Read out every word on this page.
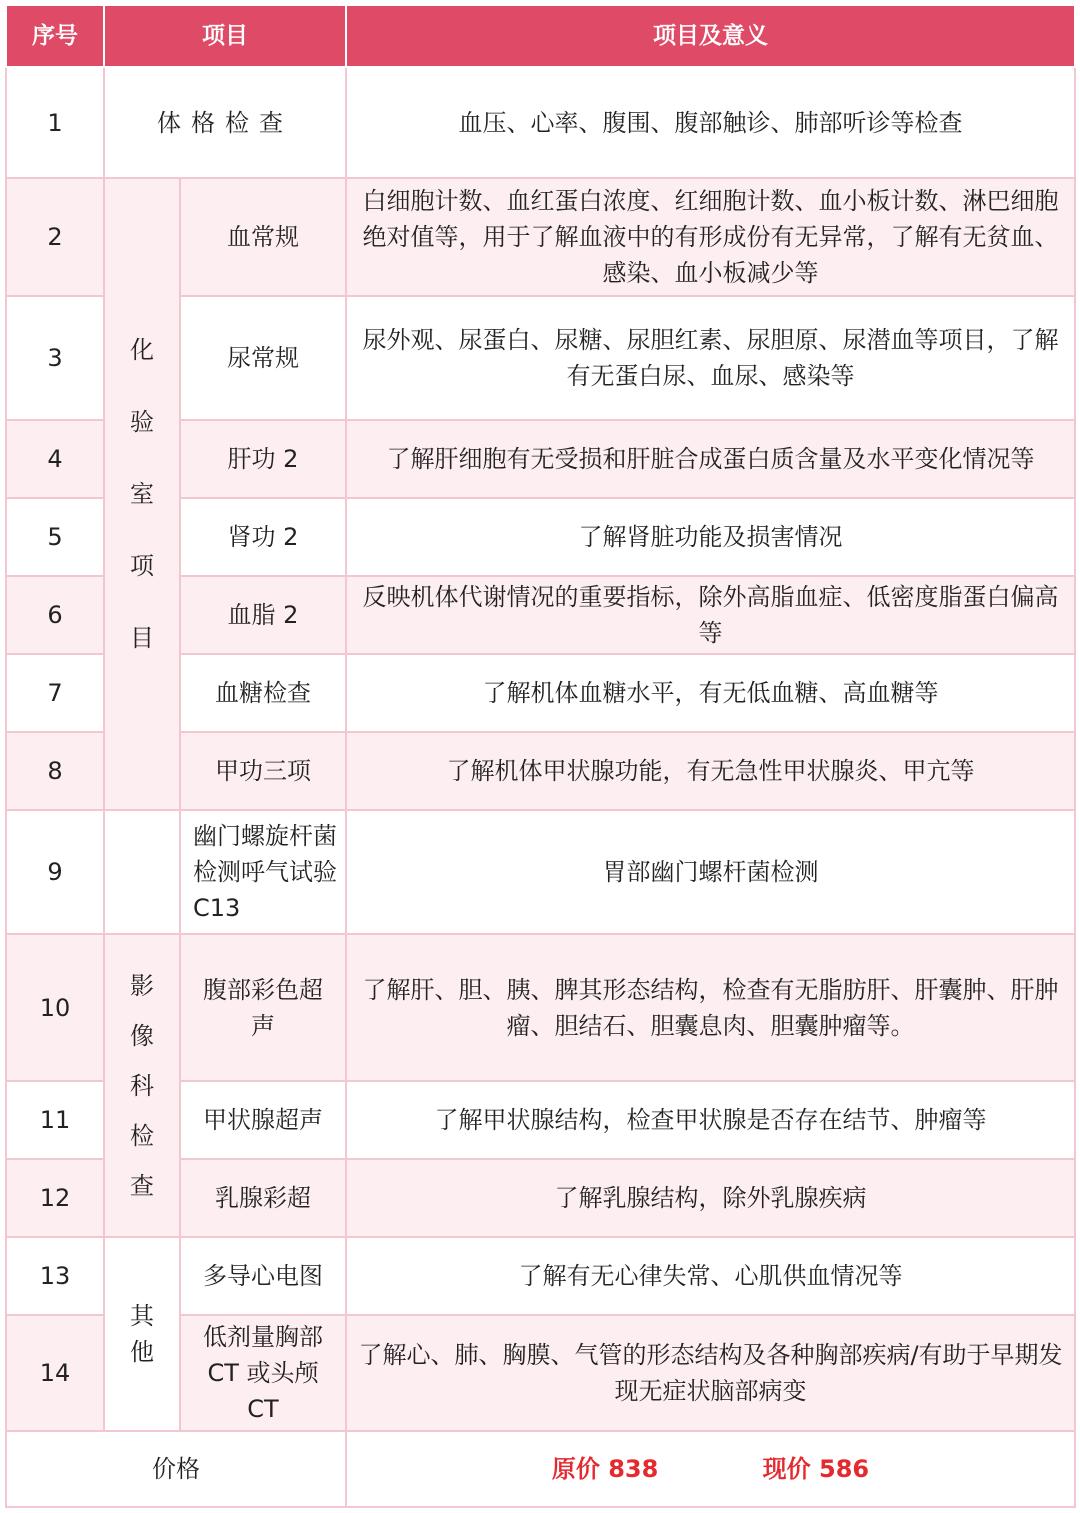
序号	项目		项目及意义
1	体格检查		血压、心率、腹围、腹部触诊、肺部听诊等检查
2	化验室项目	血常规	白细胞计数、血红蛋白浓度、红细胞计数、血小板计数、淋巴细胞绝对值等，用于了解血液中的有形成份有无异常，了解有无贫血、感染、血小板减少等
3		尿常规	尿外观、尿蛋白、尿糖、尿胆红素、尿胆原、尿潜血等项目，了解有无蛋白尿、血尿、感染等
4		肝功 2	了解肝细胞有无受损和肝脏合成蛋白质含量及水平变化情况等
5		肾功 2	了解肾脏功能及损害情况
6		血脂 2	反映机体代谢情况的重要指标，除外高脂血症、低密度脂蛋白偏高等
7		血糖检查	了解机体血糖水平，有无低血糖、高血糖等
8		甲功三项	了解机体甲状腺功能，有无急性甲状腺炎、甲亢等
9		幽门螺旋杆菌检测呼气试验 C13	胃部幽门螺杆菌检测
10	影像科检查	腹部彩色超声	了解肝、胆、胰、脾其形态结构，检查有无脂肪肝、肝囊肿、肝肿瘤、胆结石、胆囊息肉、胆囊肿瘤等。
11		甲状腺超声	了解甲状腺结构，检查甲状腺是否存在结节、肿瘤等
12		乳腺彩超	了解乳腺结构，除外乳腺疾病
13	其他	多导心电图	了解有无心律失常、心肌供血情况等
14		低剂量胸部CT 或头颅CT	了解心、肺、胸膜、气管的形态结构及各种胸部疾病/有助于早期发现无症状脑部病变
价格			原价 838 现价 586
